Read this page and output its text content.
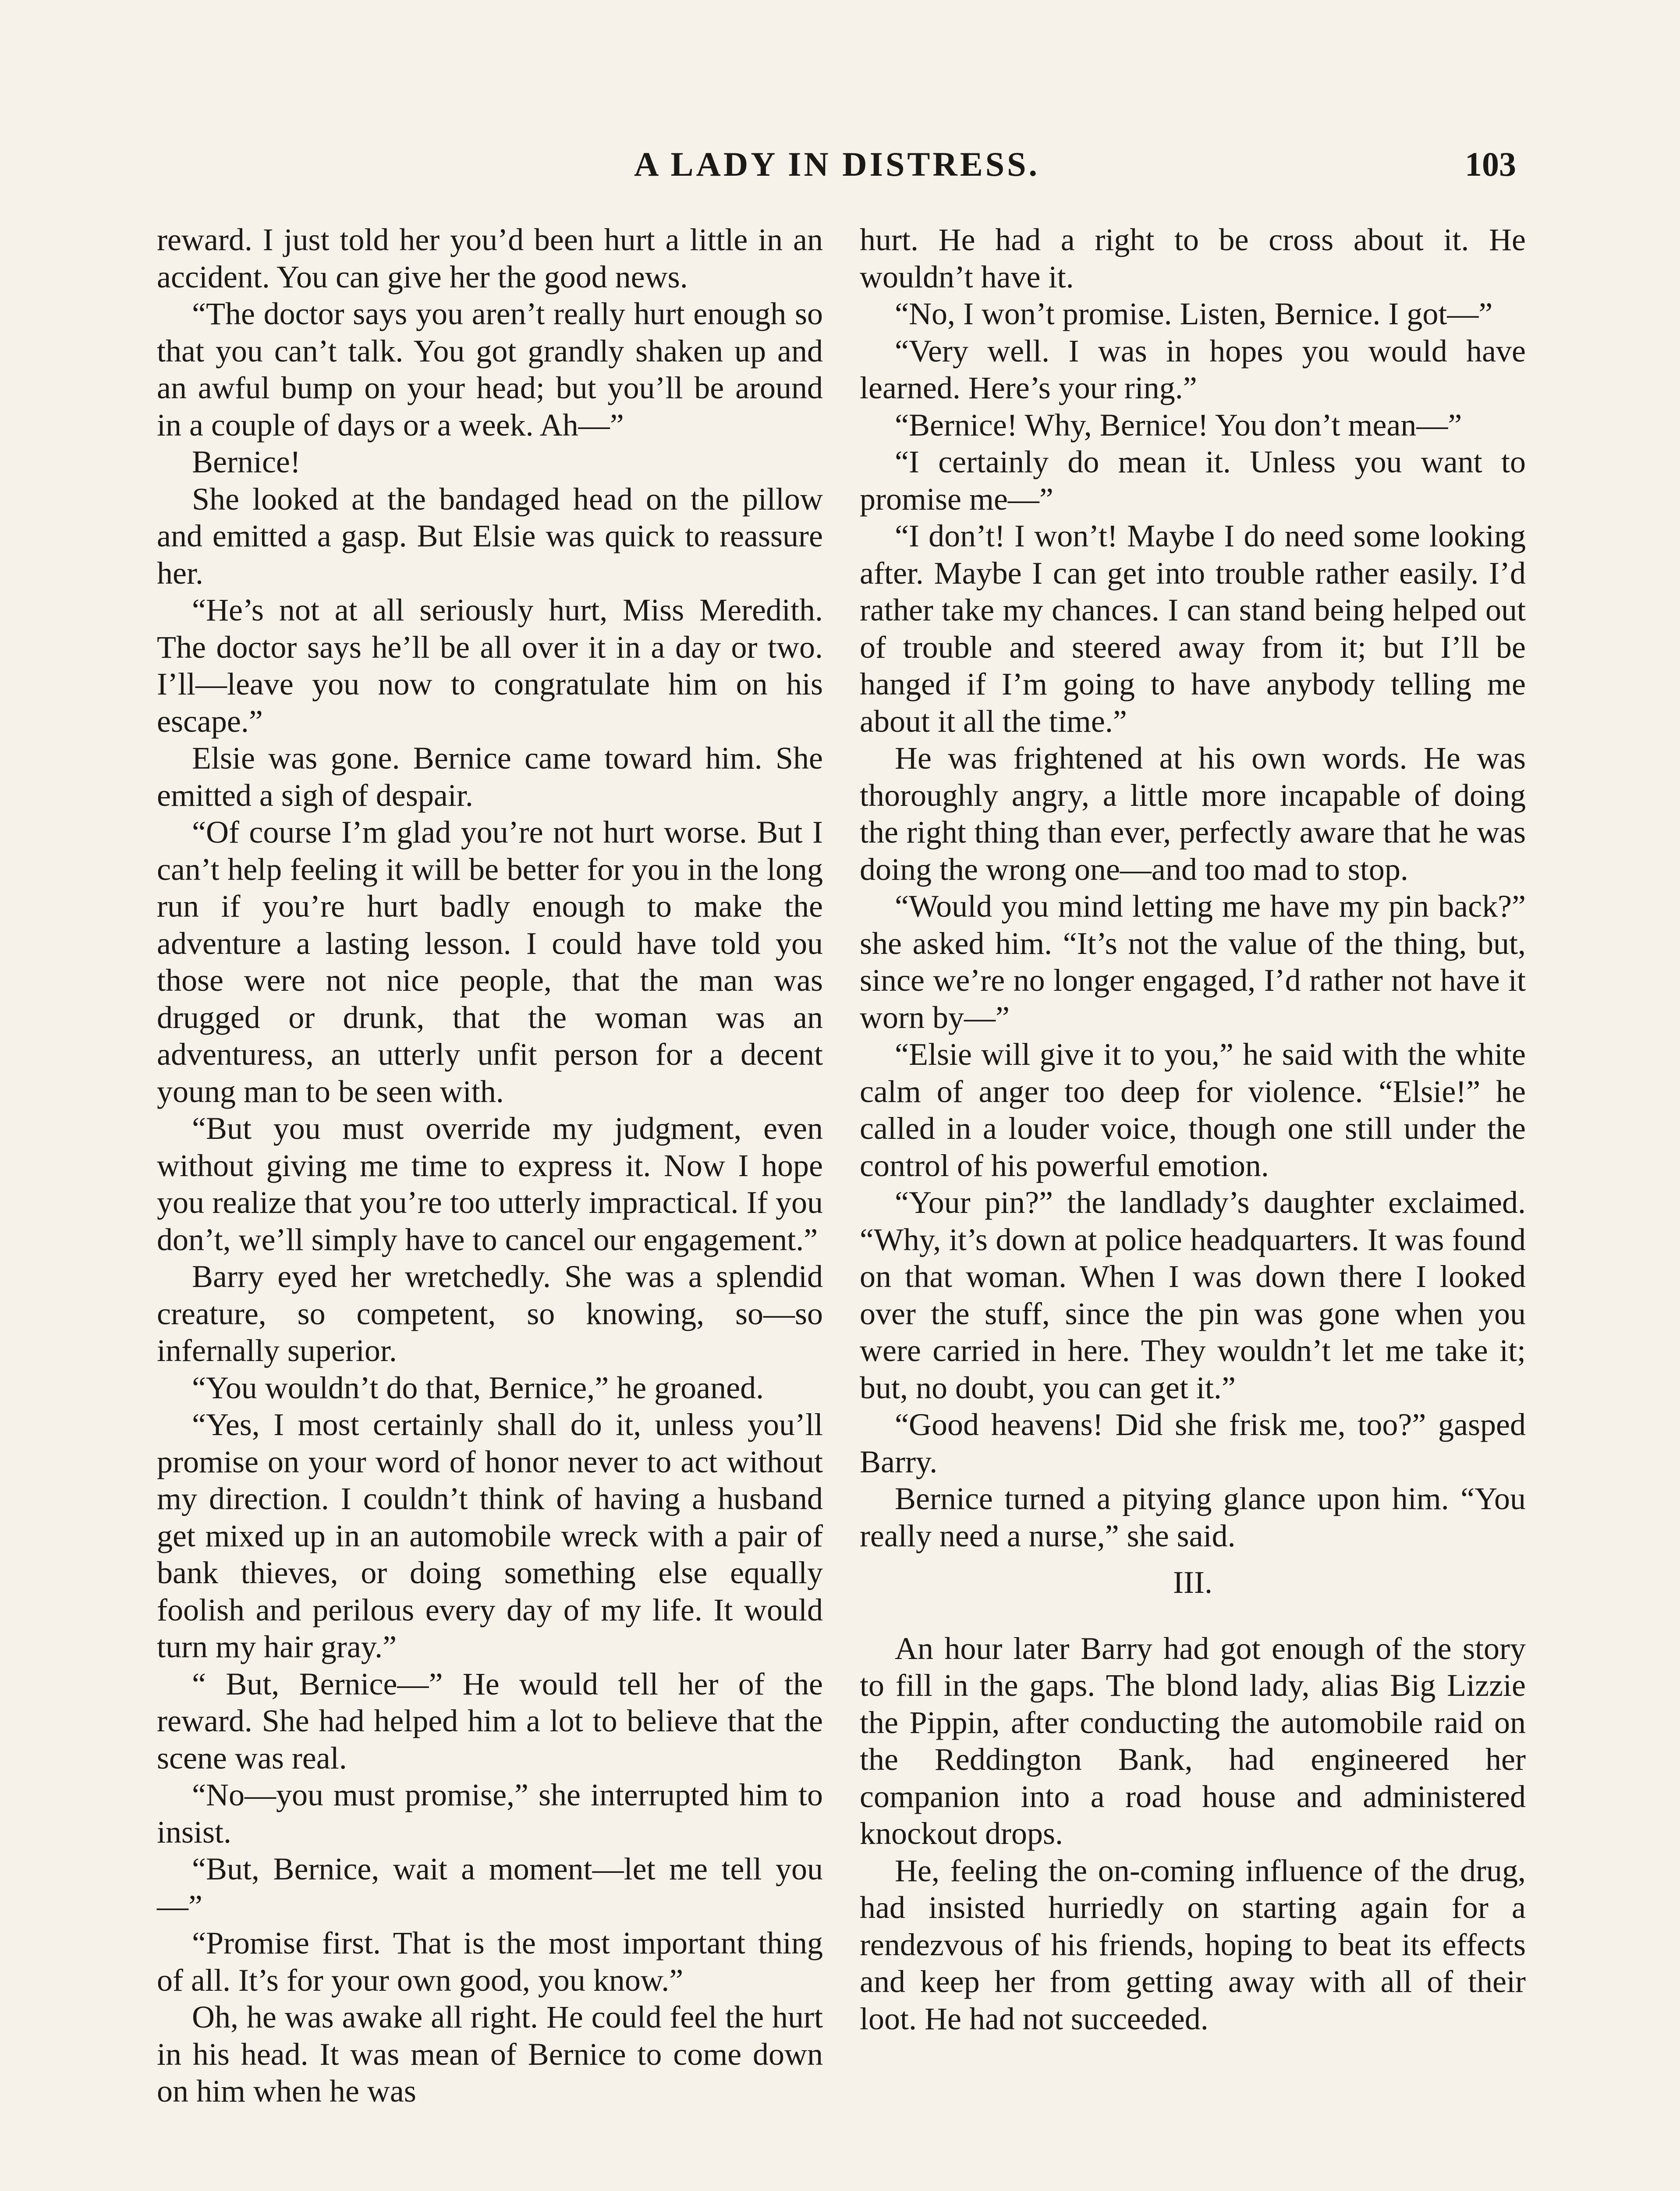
A LADY IN DISTRESS.	103

reward. I just told her you’d been hurt a little in an accident. You can give her the good news.

“The doctor says you aren’t really hurt enough so that you can’t talk. You got grandly shaken up and an awful bump on your head; but you’ll be around in a couple of days or a week. Ah—”

Bernice!

She looked at the bandaged head on the pillow and emitted a gasp. But Elsie was quick to reassure her.

“He’s not at all seriously hurt, Miss Meredith. The doctor says he’ll be all over it in a day or two. I’ll—leave you now to congratulate him on his escape.”

Elsie was gone. Bernice came toward him. She emitted a sigh of despair.

“Of course I’m glad you’re not hurt worse. But I can’t help feeling it will be better for you in the long run if you’re hurt badly enough to make the adventure a lasting lesson. I could have told you those were not nice people, that the man was drugged or drunk, that the woman was an adventuress, an utterly unfit person for a decent young man to be seen with.

“But you must override my judgment, even without giving me time to express it. Now I hope you realize that you’re too utterly impractical. If you don’t, we’ll simply have to cancel our engagement.”

Barry eyed her wretchedly. She was a splendid creature, so competent, so knowing, so—so infernally superior.

“You wouldn’t do that, Bernice,” he groaned.

“Yes, I most certainly shall do it, unless you’ll promise on your word of honor never to act without my direction. I couldn’t think of having a husband get mixed up in an automobile wreck with a pair of bank thieves, or doing something else equally foolish and perilous every day of my life. It would turn my hair gray.”

“ But, Bernice—” He would tell her of the reward. She had helped him a lot to believe that the scene was real.

“No—you must promise,” she interrupted him to insist.

“But, Bernice, wait a moment—let me tell you—”

“Promise first. That is the most important thing of all. It’s for your own good, you know.”

Oh, he was awake all right. He could feel the hurt in his head. It was mean of Bernice to come down on him when he was

hurt. He had a right to be cross about it. He wouldn’t have it.

“No, I won’t promise. Listen, Bernice. I got—”

“Very well. I was in hopes you would have learned. Here’s your ring.”

“Bernice! Why, Bernice! You don’t mean—”

“I certainly do mean it. Unless you want to promise me—”

“I don’t! I won’t! Maybe I do need some looking after. Maybe I can get into trouble rather easily. I’d rather take my chances. I can stand being helped out of trouble and steered away from it; but I’ll be hanged if I’m going to have anybody telling me about it all the time.”

He was frightened at his own words. He was thoroughly angry, a little more incapable of doing the right thing than ever, perfectly aware that he was doing the wrong one—and too mad to stop.

“Would you mind letting me have my pin back?” she asked him. “It’s not the value of the thing, but, since we’re no longer engaged, I’d rather not have it worn by—”

“Elsie will give it to you,” he said with the white calm of anger too deep for violence. “Elsie!” he called in a louder voice, though one still under the control of his powerful emotion.

“Your pin?” the landlady’s daughter exclaimed. “Why, it’s down at police headquarters. It was found on that woman. When I was down there I looked over the stuff, since the pin was gone when you were carried in here. They wouldn’t let me take it; but, no doubt, you can get it.”

“Good heavens! Did she frisk me, too?” gasped Barry.

Bernice turned a pitying glance upon him. “You really need a nurse,” she said.

III.

An hour later Barry had got enough of the story to fill in the gaps. The blond lady, alias Big Lizzie the Pippin, after conducting the automobile raid on the Reddington Bank, had engineered her companion into a road house and administered knockout drops.

He, feeling the on-coming influence of the drug, had insisted hurriedly on starting again for a rendezvous of his friends, hoping to beat its effects and keep her from getting away with all of their loot. He had not succeeded.
